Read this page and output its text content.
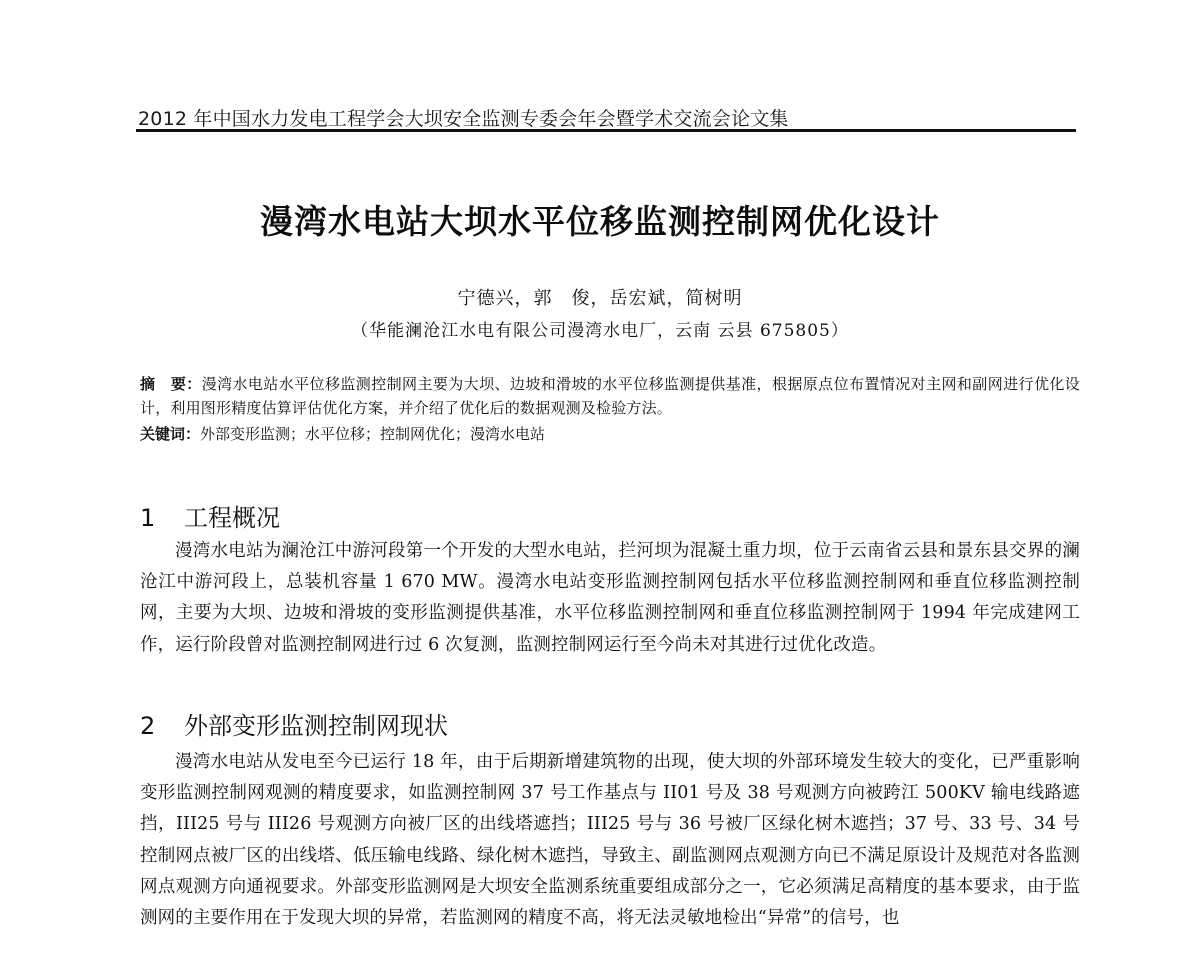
2012 年中国水力发电工程学会大坝安全监测专委会年会暨学术交流会论文集
漫湾水电站大坝水平位移监测控制网优化设计
宁德兴，郭　俊，岳宏斌，简树明
（华能澜沧江水电有限公司漫湾水电厂，云南 云县 675805）
摘　要：漫湾水电站水平位移监测控制网主要为大坝、边坡和滑坡的水平位移监测提供基准，根据原点位布置情况对主网和副网进行优化设计，利用图形精度估算评估优化方案，并介绍了优化后的数据观测及检验方法。
关键词：外部变形监测；水平位移；控制网优化；漫湾水电站
1 工程概况
漫湾水电站为澜沧江中游河段第一个开发的大型水电站，拦河坝为混凝土重力坝，位于云南省云县和景东县交界的澜沧江中游河段上，总装机容量 1 670 MW。漫湾水电站变形监测控制网包括水平位移监测控制网和垂直位移监测控制网，主要为大坝、边坡和滑坡的变形监测提供基准，水平位移监测控制网和垂直位移监测控制网于 1994 年完成建网工作，运行阶段曾对监测控制网进行过 6 次复测，监测控制网运行至今尚未对其进行过优化改造。
2 外部变形监测控制网现状
漫湾水电站从发电至今已运行 18 年，由于后期新增建筑物的出现，使大坝的外部环境发生较大的变化，已严重影响变形监测控制网观测的精度要求，如监测控制网 37 号工作基点与 II01 号及 38 号观测方向被跨江 500KV 输电线路遮挡，III25 号与 III26 号观测方向被厂区的出线塔遮挡；III25 号与 36 号被厂区绿化树木遮挡；37 号、33 号、34 号控制网点被厂区的出线塔、低压输电线路、绿化树木遮挡，导致主、副监测网点观测方向已不满足原设计及规范对各监测网点观测方向通视要求。外部变形监测网是大坝安全监测系统重要组成部分之一，它必须满足高精度的基本要求，由于监测网的主要作用在于发现大坝的异常，若监测网的精度不高，将无法灵敏地检出“异常”的信号，也
